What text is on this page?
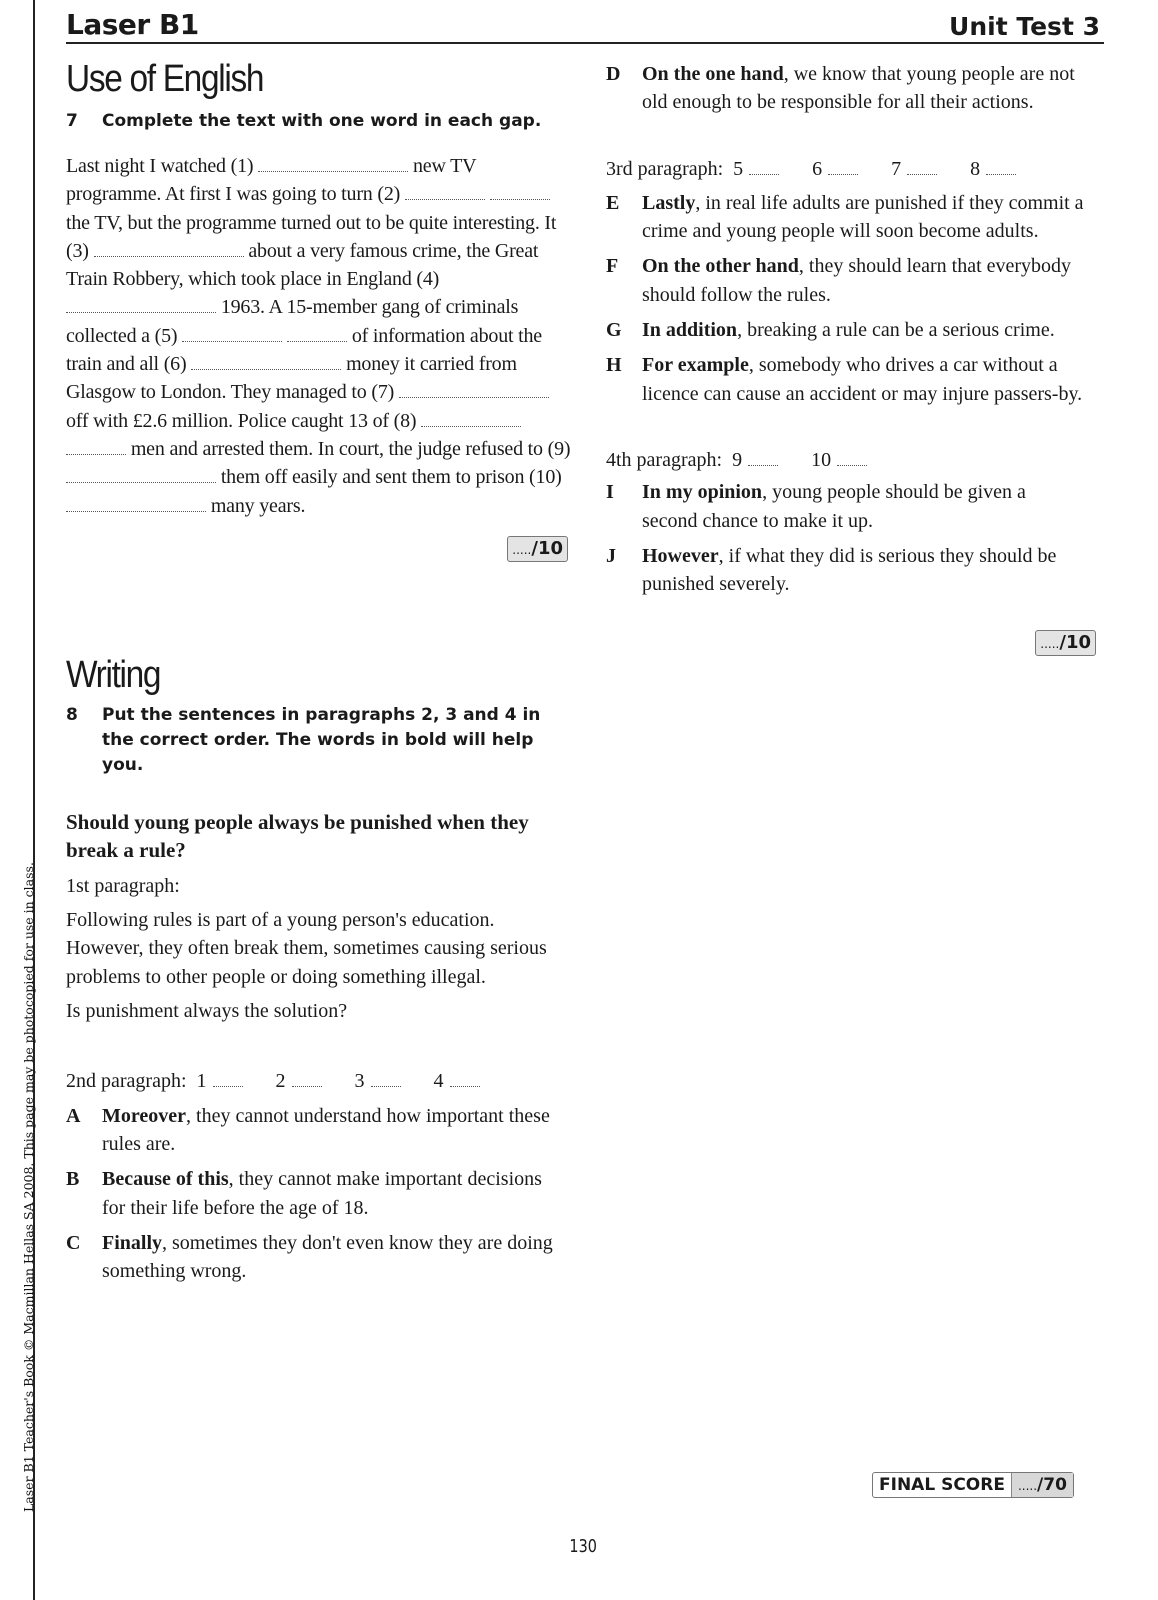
Laser B1 Teacher's Book © Macmillan Hellas SA 2008. This page may be photocopied for use in class.
Laser B1	Unit Test 3
Use of English
7	Complete the text with one word in each gap.
Last night I watched (1)	new TV programme. At first I was going to turn (2)   the TV, but the programme turned out to be quite interesting. It (3)	about a very famous crime, the Great Train Robbery, which took place in England (4)  1963. A 15-member gang of criminals collected a (5)	of information about the train and all (6)	money it carried from Glasgow to London. They managed to (7)  off with £2.6 million. Police caught 13 of (8)   men and arrested them. In court, the judge refused to (9)  them off easily and sent them to prison (10)  many years.
...../10
Writing
8	Put the sentences in paragraphs 2, 3 and 4 in the correct order. The words in bold will help you.
Should young people always be punished when they break a rule?
1st paragraph:
Following rules is part of a young person's education. However, they often break them, sometimes causing serious problems to other people or doing something illegal.
Is punishment always the solution?
2nd paragraph: 1	2	3	4
A	Moreover, they cannot understand how important these rules are.
B	Because of this, they cannot make important decisions for their life before the age of 18.
C	Finally, sometimes they don't even know they are doing something wrong.
D	On the one hand, we know that young people are not old enough to be responsible for all their actions.
3rd paragraph: 5	6	7	8
E	Lastly, in real life adults are punished if they commit a crime and young people will soon become adults.
F	On the other hand, they should learn that everybody should follow the rules.
G	In addition, breaking a rule can be a serious crime.
H	For example, somebody who drives a car without a licence can cause an accident or may injure passers-by.
4th paragraph: 9	10
I	In my opinion, young people should be given a second chance to make it up.
J	However, if what they did is serious they should be punished severely.
...../10
FINAL SCORE	...../70
130
